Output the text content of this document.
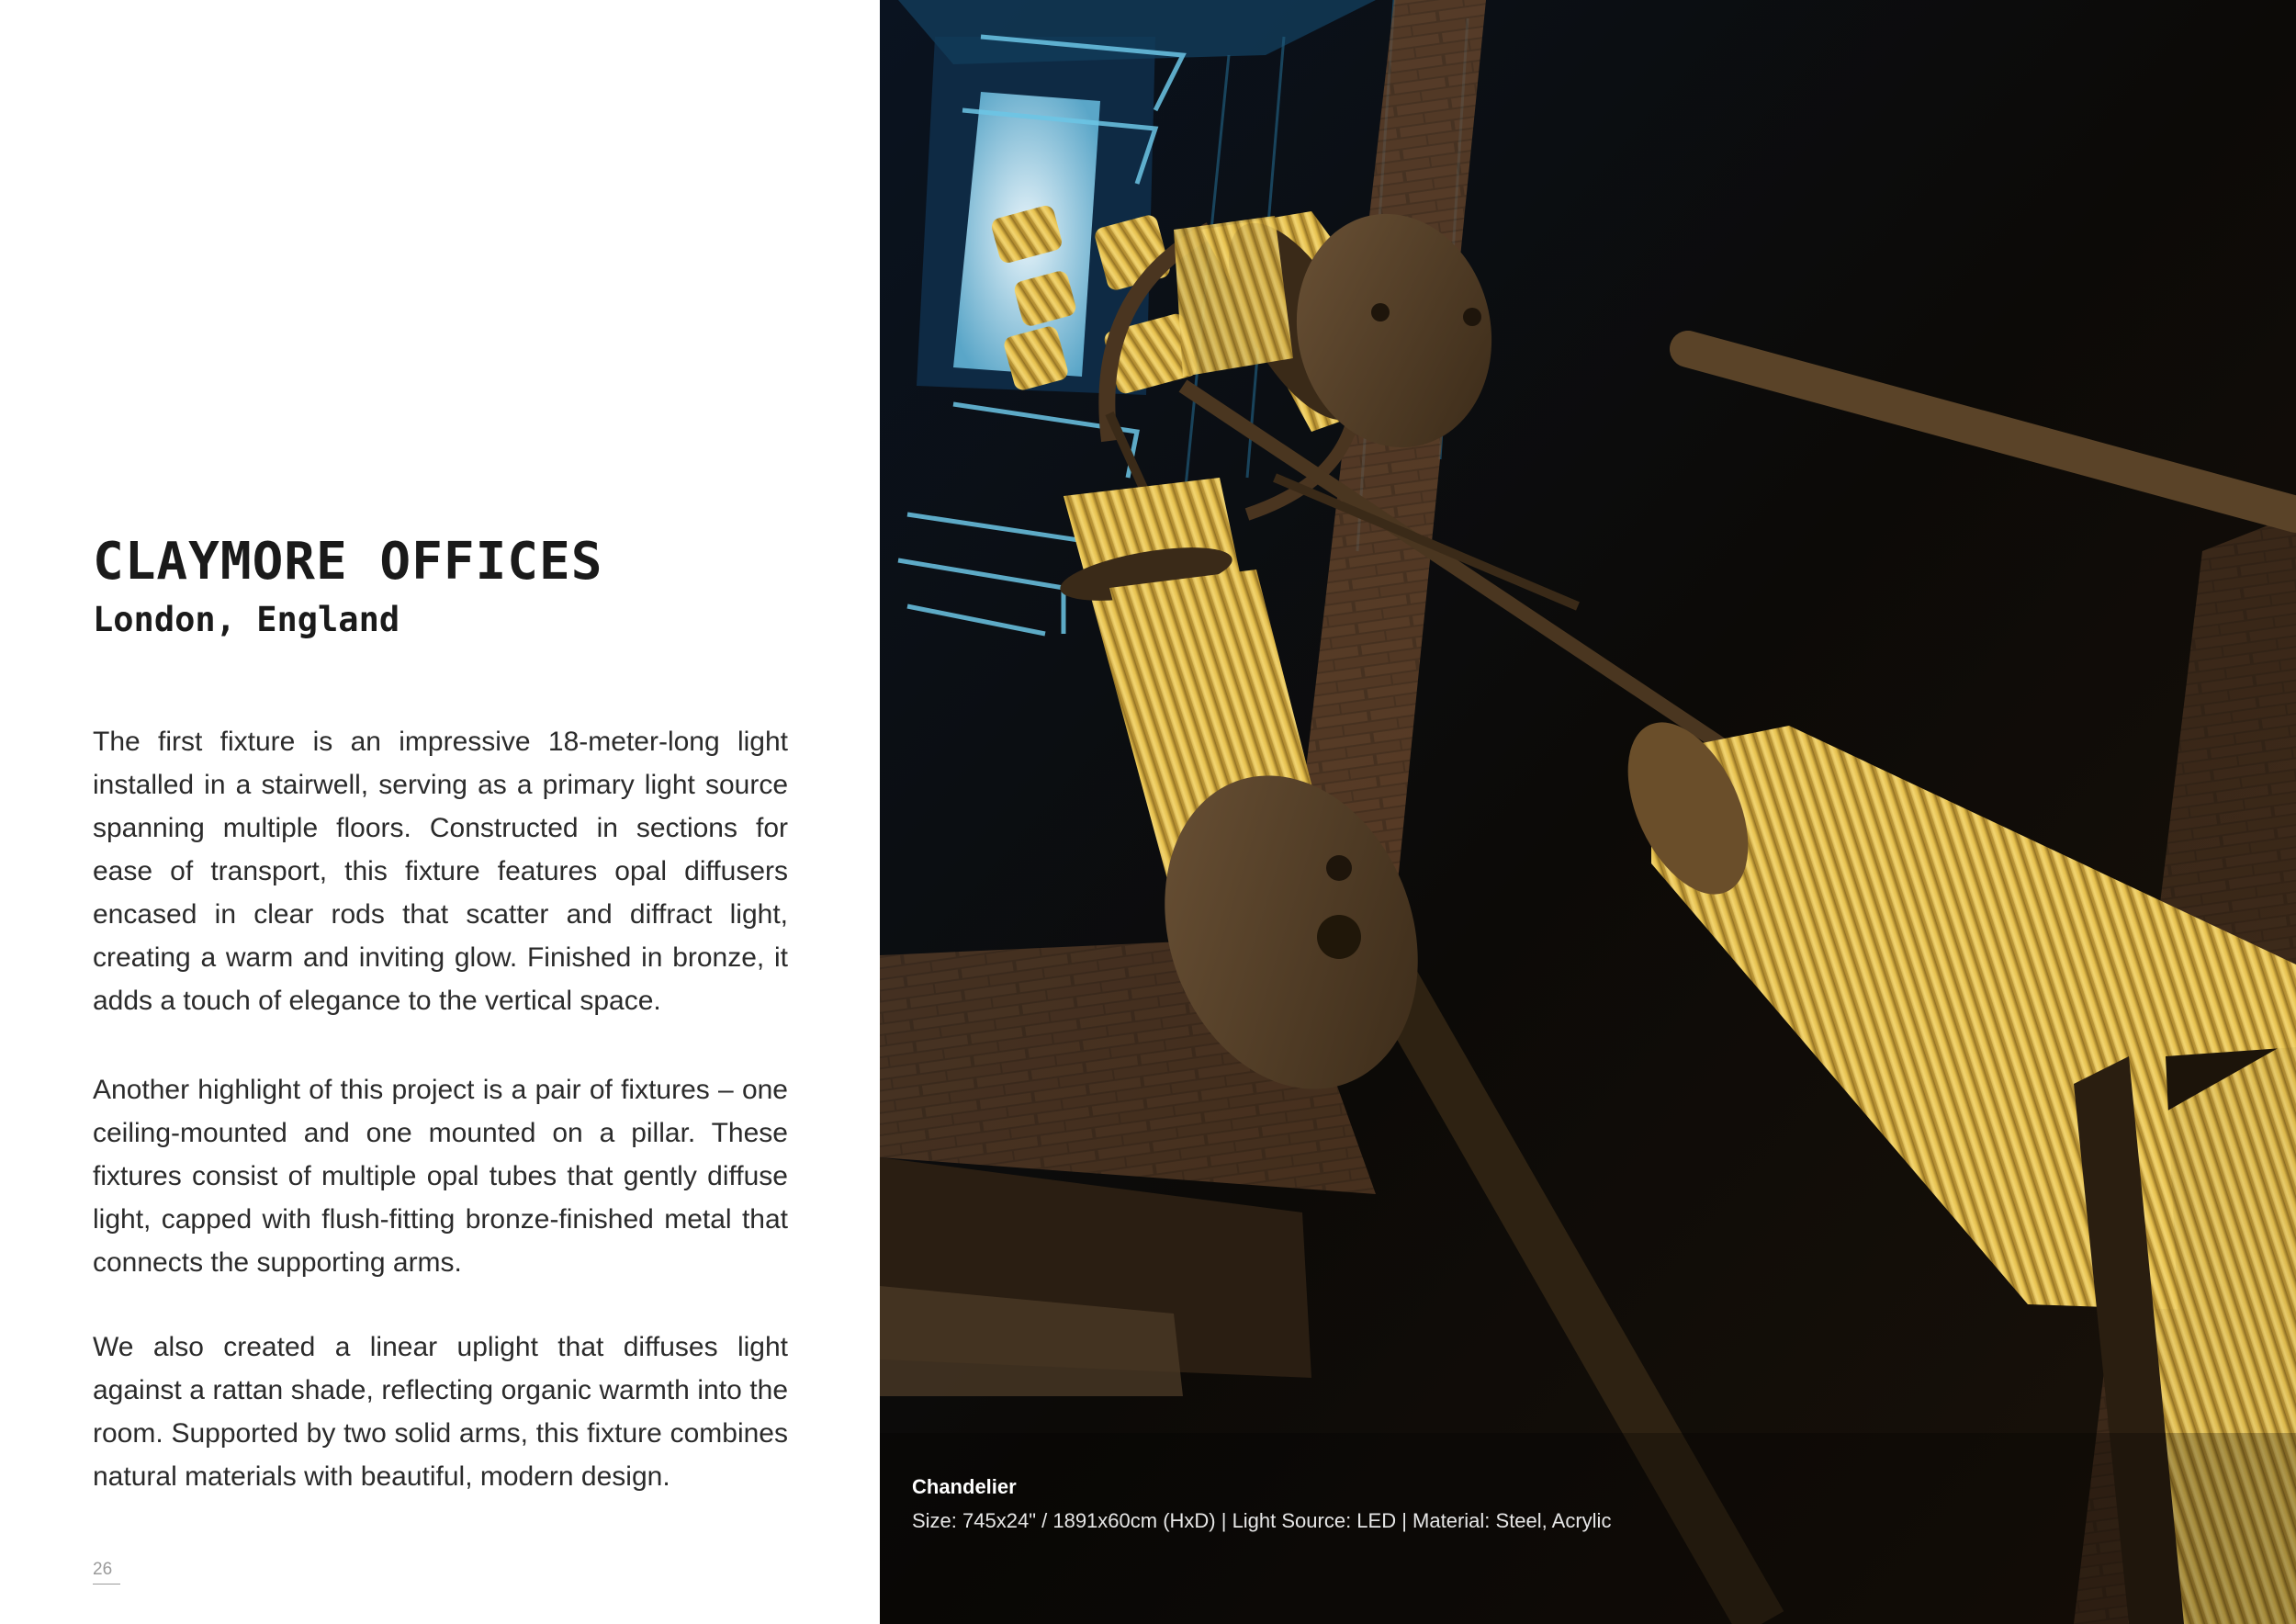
CLAYMORE OFFICES
London, England

The first fixture is an impressive 18-meter-long light installed in a stairwell, serving as a primary light source spanning multiple floors. Constructed in sections for ease of transport, this fixture features opal diffusers encased in clear rods that scatter and diffract light, creating a warm and inviting glow. Finished in bronze, it adds a touch of elegance to the vertical space.

Another highlight of this project is a pair of fixtures – one ceiling-mounted and one mounted on a pillar. These fixtures consist of multiple opal tubes that gently diffuse light, capped with flush-fitting bronze-finished metal that connects the supporting arms.

We also created a linear uplight that diffuses light against a rattan shade, reflecting organic warmth into the room. Supported by two solid arms, this fixture combines natural materials with beautiful, modern design.

26
Chandelier
Size: 745x24" / 1891x60cm (HxD) | Light Source: LED | Material: Steel, Acrylic
